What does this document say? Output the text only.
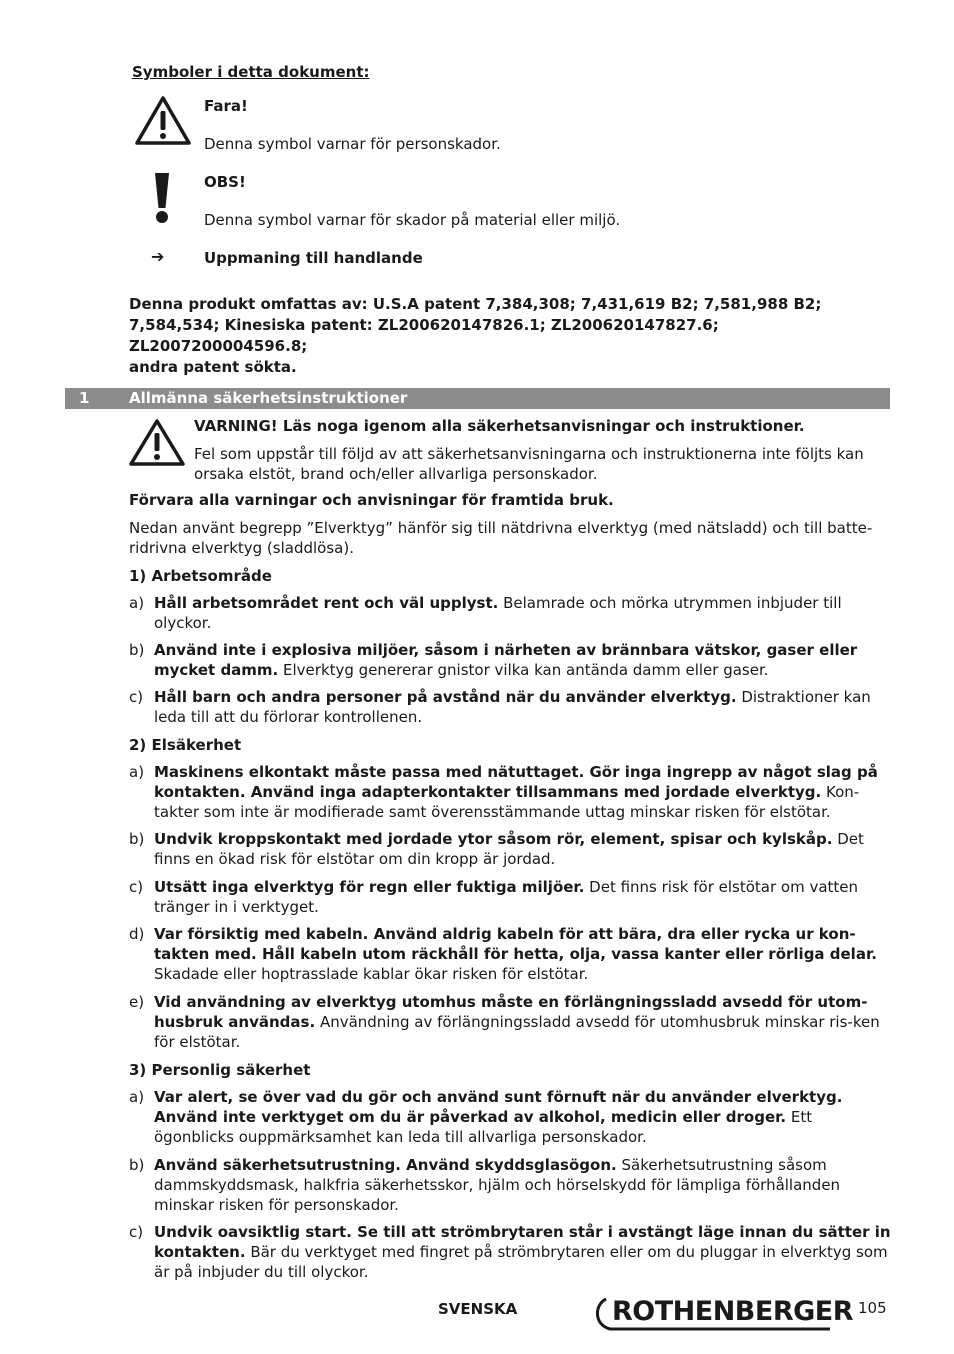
Symboler i detta dokument:
Fara!
Denna symbol varnar för personskador.
OBS!
Denna symbol varnar för skador på material eller miljö.
➔	Uppmaning till handlande
Denna produkt omfattas av: U.S.A patent 7,384,308; 7,431,619 B2; 7,581,988 B2;
7,584,534; Kinesiska patent: ZL200620147826.1; ZL200620147827.6; ZL2007200004596.8;
andra patent sökta.
1	Allmänna säkerhetsinstruktioner
VARNING! Läs noga igenom alla säkerhetsanvisningar och instruktioner.
Fel som uppstår till följd av att säkerhetsanvisningarna och instruktionerna inte följts kan
orsaka elstöt, brand och/eller allvarliga personskador.
Förvara alla varningar och anvisningar för framtida bruk.
Nedan använt begrepp ”Elverktyg” hänför sig till nätdrivna elverktyg (med nätsladd) och till batte-
ridrivna elverktyg (sladdlösa).
1) Arbetsområde
a) Håll arbetsområdet rent och väl upplyst. Belamrade och mörka utrymmen inbjuder till olyckor.
b) Använd inte i explosiva miljöer, såsom i närheten av brännbara vätskor, gaser eller mycket damm. Elverktyg genererar gnistor vilka kan antända damm eller gaser.
c) Håll barn och andra personer på avstånd när du använder elverktyg. Distraktioner kan leda till att du förlorar kontrollenen.
2) Elsäkerhet
a) Maskinens elkontakt måste passa med nätuttaget. Gör inga ingrepp av något slag på kontakten. Använd inga adapterkontakter tillsammans med jordade elverktyg. Kon-takter som inte är modifierade samt överensstämmande uttag minskar risken för elstötar.
b) Undvik kroppskontakt med jordade ytor såsom rör, element, spisar och kylskåp. Det finns en ökad risk för elstötar om din kropp är jordad.
c) Utsätt inga elverktyg för regn eller fuktiga miljöer. Det finns risk för elstötar om vatten tränger in i verktyget.
d) Var försiktig med kabeln. Använd aldrig kabeln för att bära, dra eller rycka ur kon-takten med. Håll kabeln utom räckhåll för hetta, olja, vassa kanter eller rörliga delar. Skadade eller hoptrasslade kablar ökar risken för elstötar.
e) Vid användning av elverktyg utomhus måste en förlängningssladd avsedd för utom-husbruk användas. Användning av förlängningssladd avsedd för utomhusbruk minskar ris-ken för elstötar.
3) Personlig säkerhet
a) Var alert, se över vad du gör och använd sunt förnuft när du använder elverktyg. Använd inte verktyget om du är påverkad av alkohol, medicin eller droger. Ett ögonblicks ouppmärksamhet kan leda till allvarliga personskador.
b) Använd säkerhetsutrustning. Använd skyddsglasögon. Säkerhetsutrustning såsom dammskyddsmask, halkfria säkerhetsskor, hjälm och hörselskydd för lämpliga förhållanden minskar risken för personskador.
c) Undvik oavsiktlig start. Se till att strömbrytaren står i avstängt läge innan du sätter in kontakten. Bär du verktyget med fingret på strömbrytaren eller om du pluggar in elverktyg som är på inbjuder du till olyckor.
SVENSKA	ROTHENBERGER 105
